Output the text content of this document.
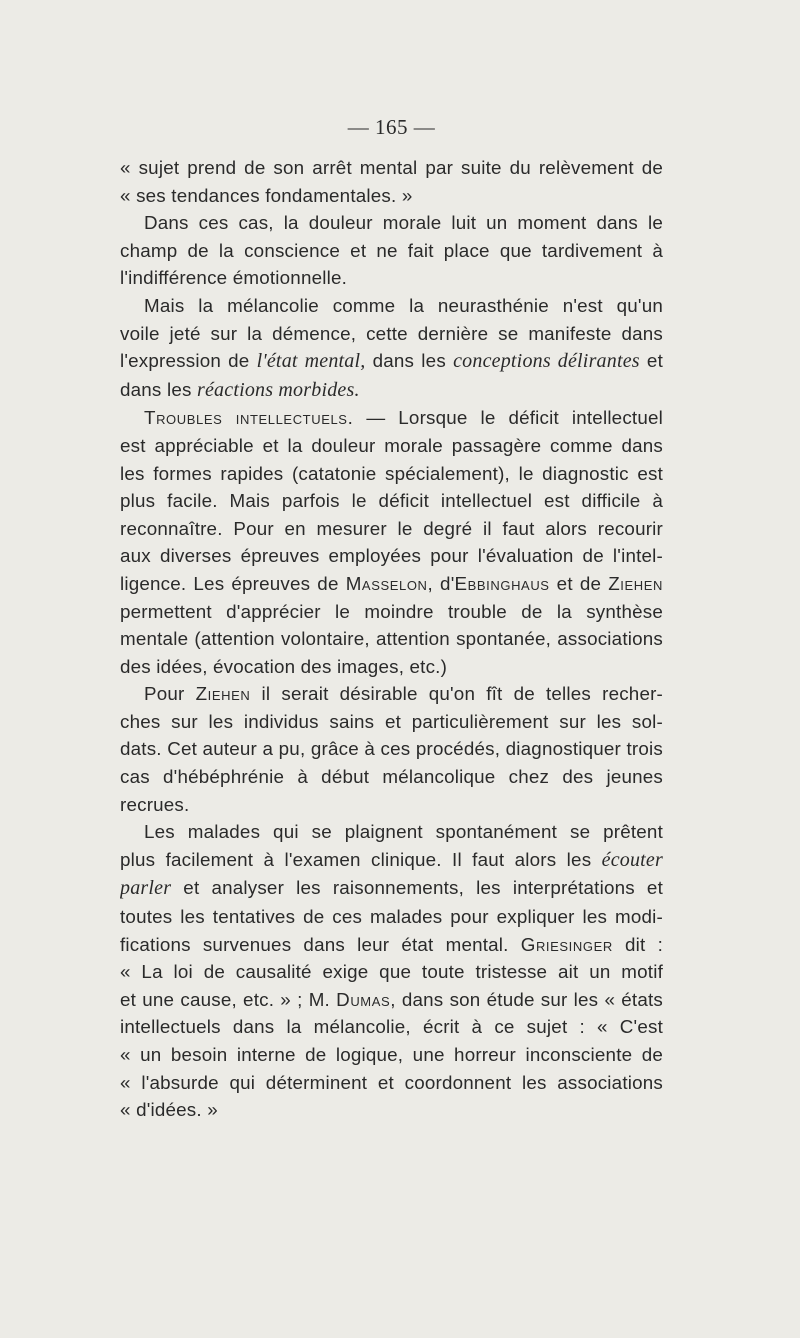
— 165 —
« sujet prend de son arrêt mental par suite du relèvement de
« ses tendances fondamentales. »
Dans ces cas, la douleur morale luit un moment dans le
champ de la conscience et ne fait place que tardivement à
l'indifférence émotionnelle.
Mais la mélancolie comme la neurasthénie n'est qu'un
voile jeté sur la démence, cette dernière se manifeste dans
l'expression de l'état mental, dans les conceptions délirantes et
dans les réactions morbides.
Troubles intellectuels. — Lorsque le déficit intellectuel
est appréciable et la douleur morale passagère comme dans
les formes rapides (catatonie spécialement), le diagnostic est
plus facile. Mais parfois le déficit intellectuel est difficile à
reconnaître. Pour en mesurer le degré il faut alors recourir
aux diverses épreuves employées pour l'évaluation de l'intel-
ligence. Les épreuves de Masselon, d'Ebbinghaus et de Ziehen
permettent d'apprécier le moindre trouble de la synthèse
mentale (attention volontaire, attention spontanée, associations
des idées, évocation des images, etc.)
Pour Ziehen il serait désirable qu'on fît de telles recher-
ches sur les individus sains et particulièrement sur les sol-
dats. Cet auteur a pu, grâce à ces procédés, diagnostiquer trois
cas d'hébéphrénie à début mélancolique chez des jeunes
recrues.
Les malades qui se plaignent spontanément se prêtent
plus facilement à l'examen clinique. Il faut alors les écouter
parler et analyser les raisonnements, les interprétations et
toutes les tentatives de ces malades pour expliquer les modi-
fications survenues dans leur état mental. Griesinger dit :
« La loi de causalité exige que toute tristesse ait un motif
et une cause, etc. » ; M. Dumas, dans son étude sur les « états
intellectuels dans la mélancolie, écrit à ce sujet : « C'est
« un besoin interne de logique, une horreur inconsciente de
« l'absurde qui déterminent et coordonnent les associations
« d'idées. »
